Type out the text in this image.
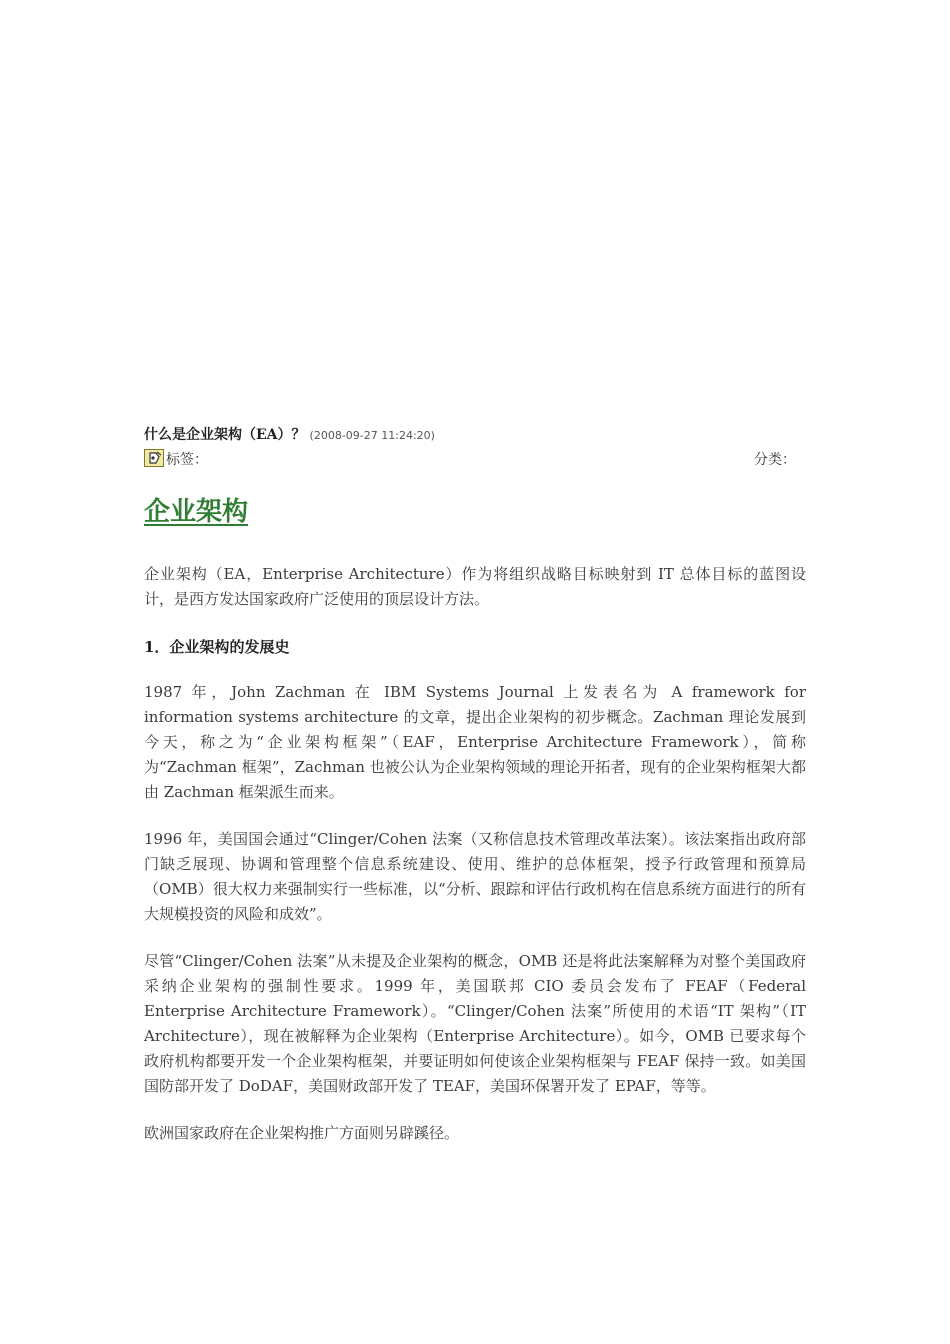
什么是企业架构（EA）？ (2008-09-27 11:24:20)
标签：	分类：
企业架构

企业架构（EA，Enterprise Architecture）作为将组织战略目标映射到 IT 总体目标的蓝图设计，是西方发达国家政府广泛使用的顶层设计方法。

1．企业架构的发展史

1987 年，John Zachman 在 IBM Systems Journal 上发表名为 A framework for information systems architecture 的文章，提出企业架构的初步概念。Zachman 理论发展到今天，称之为“企业架构框架”（EAF，Enterprise Architecture Framework），简称为“Zachman 框架”，Zachman 也被公认为企业架构领域的理论开拓者，现有的企业架构框架大都由 Zachman 框架派生而来。

1996 年，美国国会通过“Clinger/Cohen 法案（又称信息技术管理改革法案）。该法案指出政府部门缺乏展现、协调和管理整个信息系统建设、使用、维护的总体框架，授予行政管理和预算局（OMB）很大权力来强制实行一些标准，以“分析、跟踪和评估行政机构在信息系统方面进行的所有大规模投资的风险和成效”。

尽管“Clinger/Cohen 法案”从未提及企业架构的概念，OMB 还是将此法案解释为对整个美国政府采纳企业架构的强制性要求。1999 年，美国联邦 CIO 委员会发布了 FEAF（Federal Enterprise Architecture Framework）。“Clinger/Cohen 法案”所使用的术语“IT 架构”（IT Architecture），现在被解释为企业架构（Enterprise Architecture）。如今，OMB 已要求每个政府机构都要开发一个企业架构框架，并要证明如何使该企业架构框架与 FEAF 保持一致。如美国国防部开发了 DoDAF，美国财政部开发了 TEAF，美国环保署开发了 EPAF，等等。

欧洲国家政府在企业架构推广方面则另辟蹊径。
